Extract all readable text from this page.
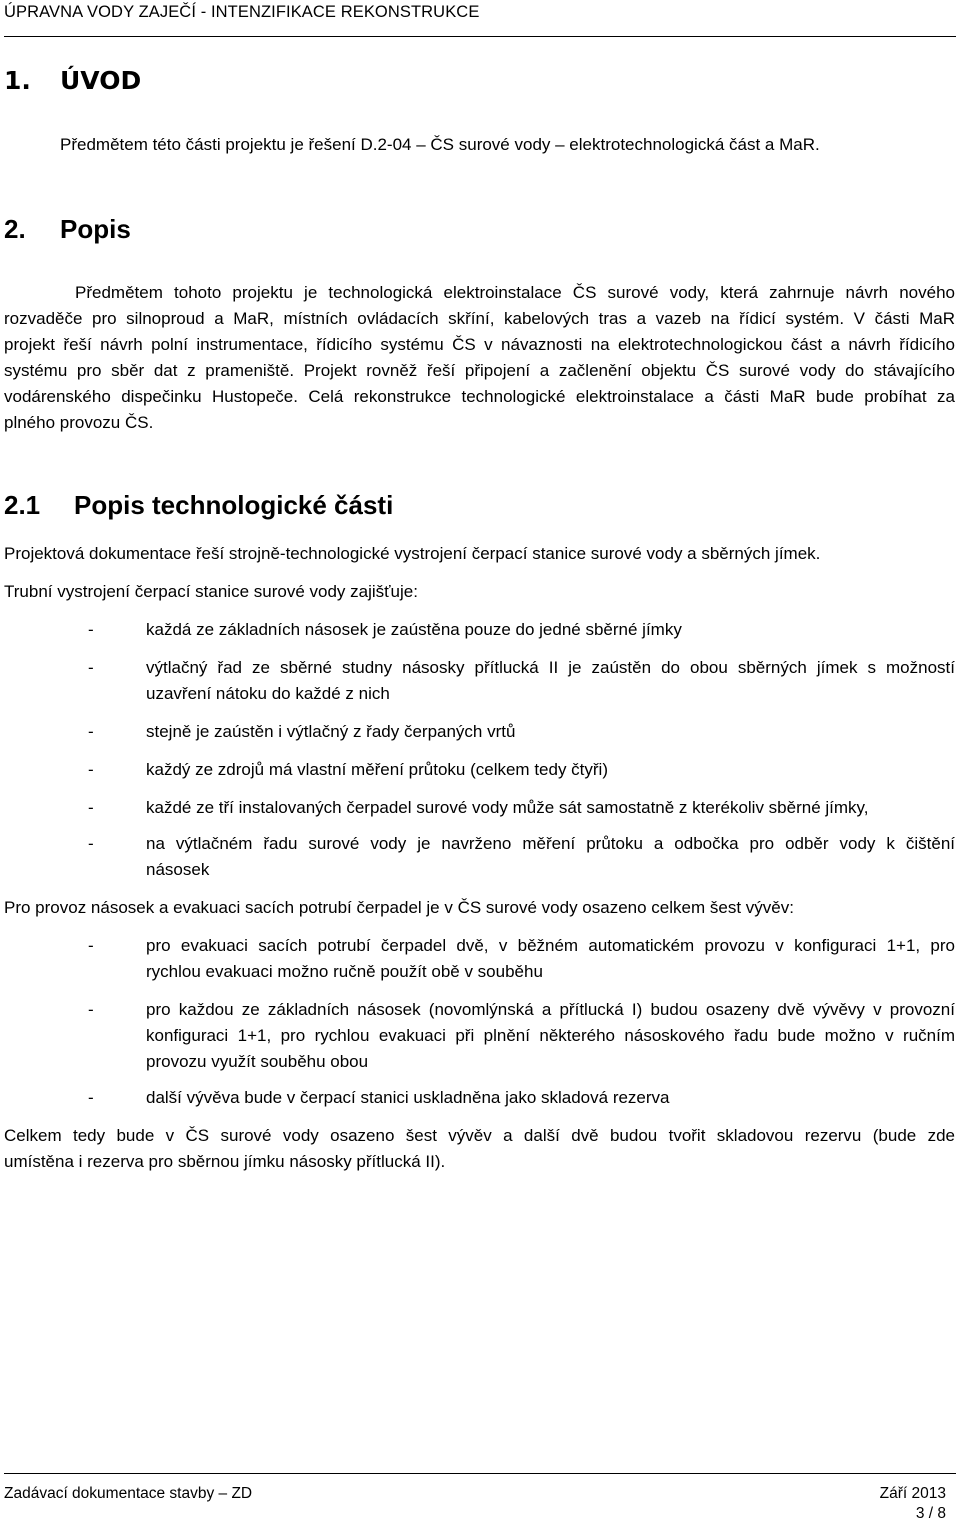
ÚPRAVNA VODY ZAJEČÍ - INTENZIFIKACE REKONSTRUKCE
1. ÚVOD
Předmětem této části projektu je řešení D.2-04 – ČS surové vody – elektrotechnologická část a MaR.
2. Popis
Předmětem tohoto projektu je technologická elektroinstalace ČS surové vody, která zahrnuje návrh nového
rozvaděče pro silnoproud a MaR, místních ovládacích skříní, kabelových tras a vazeb na řídicí systém. V části MaR
projekt řeší návrh polní instrumentace, řídicího systému ČS v návaznosti na elektrotechnologickou část a návrh řídicího
systému pro sběr dat z prameniště. Projekt rovněž řeší připojení a začlenění objektu ČS surové vody do stávajícího
vodárenského dispečinku Hustopeče. Celá rekonstrukce technologické elektroinstalace a části MaR bude probíhat za
plného provozu ČS.
2.1 Popis technologické části
Projektová dokumentace řeší strojně-technologické vystrojení čerpací stanice surové vody a sběrných jímek.
Trubní vystrojení čerpací stanice surové vody zajišťuje:
-	každá ze základních násosek je zaústěna pouze do jedné sběrné jímky
-	výtlačný řad ze sběrné studny násosky přítlucká II je zaústěn do obou sběrných jímek s možností
uzavření nátoku do každé z nich
-	stejně je zaústěn i výtlačný z řady čerpaných vrtů
-	každý ze zdrojů má vlastní měření průtoku (celkem tedy čtyři)
-	každé ze tří instalovaných čerpadel surové vody může sát samostatně z kterékoliv sběrné jímky,
-	na výtlačném řadu surové vody je navrženo měření průtoku a odbočka pro odběr vody k čištění
násosek
Pro provoz násosek a evakuaci sacích potrubí čerpadel je v ČS surové vody osazeno celkem šest vývěv:
-	pro evakuaci sacích potrubí čerpadel dvě, v běžném automatickém provozu v konfiguraci 1+1, pro
rychlou evakuaci možno ručně použít obě v souběhu
-	pro každou ze základních násosek (novomlýnská a přítlucká I) budou osazeny dvě vývěvy v provozní
konfiguraci 1+1, pro rychlou evakuaci při plnění některého násoskového řadu bude možno v ručním
provozu využít souběhu obou
-	další vývěva bude v čerpací stanici uskladněna jako skladová rezerva
Celkem tedy bude v ČS surové vody osazeno šest vývěv a další dvě budou tvořit skladovou rezervu (bude zde
umístěna i rezerva pro sběrnou jímku násosky přítlucká II).
Zadávací dokumentace stavby – ZD	Září 2013
3 / 8
